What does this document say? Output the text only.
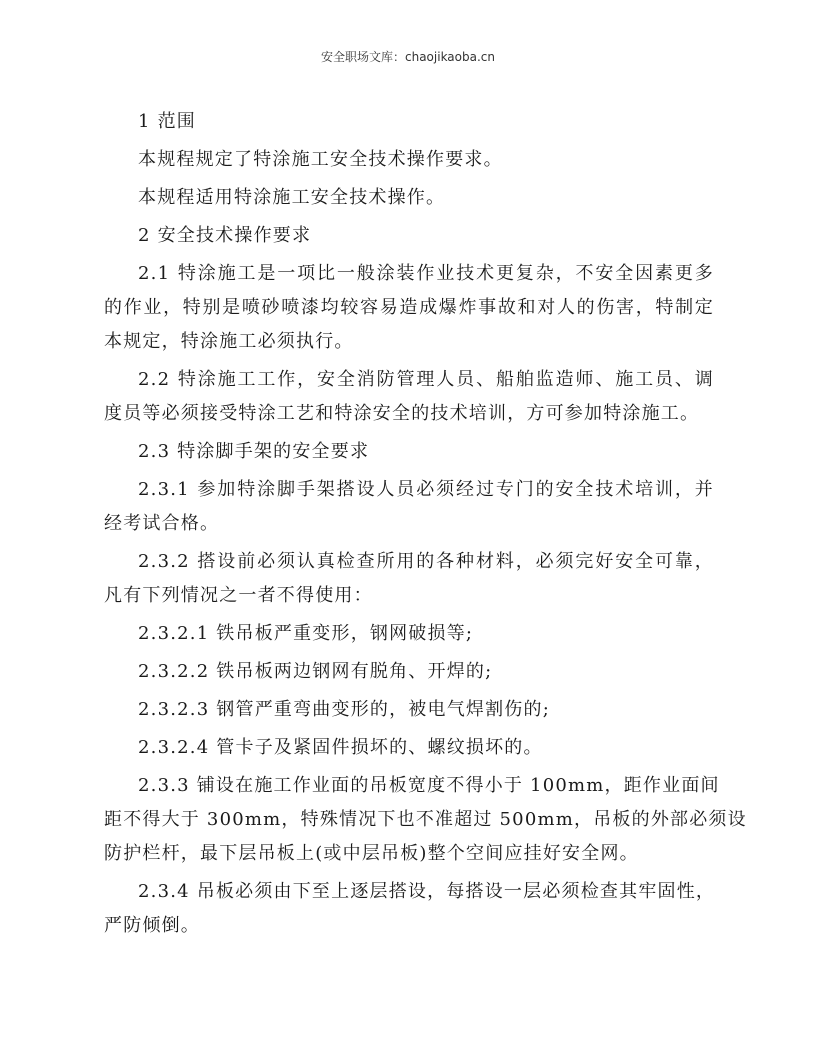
安全职场文库：chaojikaoba.cn
1 范围
本规程规定了特涂施工安全技术操作要求。
本规程适用特涂施工安全技术操作。
2 安全技术操作要求
2.1 特涂施工是一项比一般涂装作业技术更复杂，不安全因素更多
的作业，特别是喷砂喷漆均较容易造成爆炸事故和对人的伤害，特制定
本规定，特涂施工必须执行。
2.2 特涂施工工作，安全消防管理人员、船舶监造师、施工员、调
度员等必须接受特涂工艺和特涂安全的技术培训，方可参加特涂施工。
2.3 特涂脚手架的安全要求
2.3.1 参加特涂脚手架搭设人员必须经过专门的安全技术培训，并
经考试合格。
2.3.2 搭设前必须认真检查所用的各种材料，必须完好安全可靠，
凡有下列情况之一者不得使用：
2.3.2.1 铁吊板严重变形，钢网破损等;
2.3.2.2 铁吊板两边钢网有脱角、开焊的;
2.3.2.3 钢管严重弯曲变形的，被电气焊割伤的;
2.3.2.4 管卡子及紧固件损坏的、螺纹损坏的。
2.3.3 铺设在施工作业面的吊板宽度不得小于 100mm，距作业面间
距不得大于 300mm，特殊情况下也不准超过 500mm，吊板的外部必须设
防护栏杆，最下层吊板上(或中层吊板)整个空间应挂好安全网。
2.3.4 吊板必须由下至上逐层搭设，每搭设一层必须检查其牢固性，
严防倾倒。
